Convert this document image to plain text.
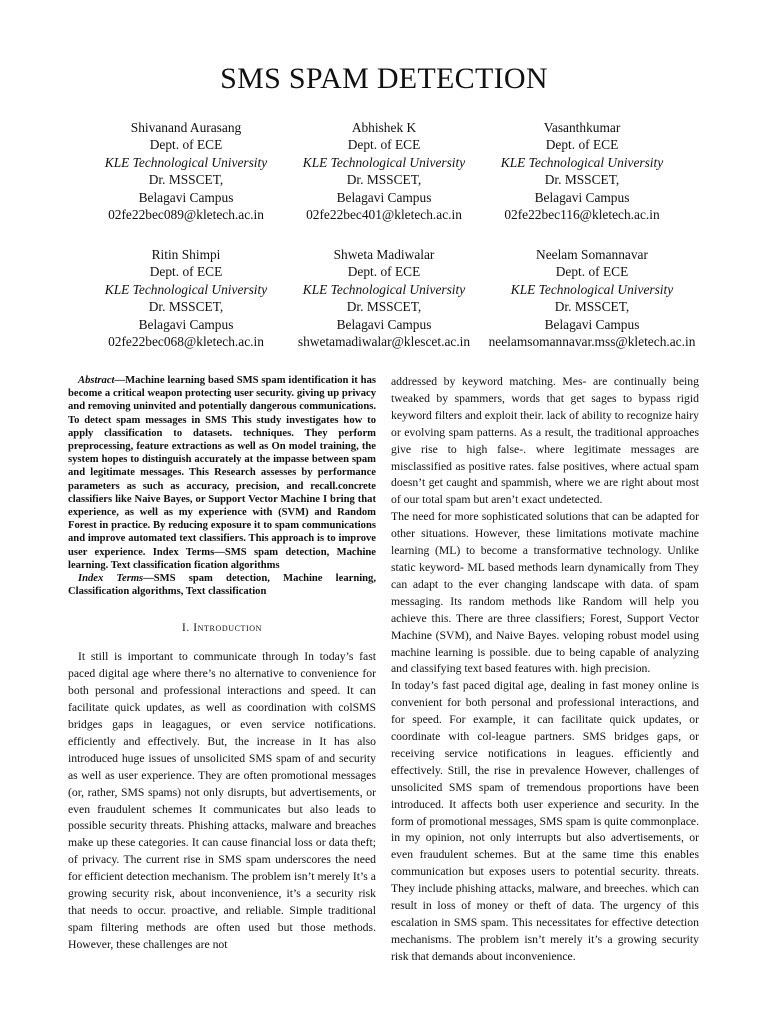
SMS SPAM DETECTION
Shivanand Aurasang
Dept. of ECE
KLE Technological University
Dr. MSSCET,
Belagavi Campus
02fe22bec089@kletech.ac.in
Abhishek K
Dept. of ECE
KLE Technological University
Dr. MSSCET,
Belagavi Campus
02fe22bec401@kletech.ac.in
Vasanthkumar
Dept. of ECE
KLE Technological University
Dr. MSSCET,
Belagavi Campus
02fe22bec116@kletech.ac.in
Ritin Shimpi
Dept. of ECE
KLE Technological University
Dr. MSSCET,
Belagavi Campus
02fe22bec068@kletech.ac.in
Shweta Madiwalar
Dept. of ECE
KLE Technological University
Dr. MSSCET,
Belagavi Campus
shwetamadiwalar@klescet.ac.in
Neelam Somannavar
Dept. of ECE
KLE Technological University
Dr. MSSCET,
Belagavi Campus
neelamsomannavar.mss@kletech.ac.in

Abstract—Machine learning based SMS spam identification it has become a critical weapon protecting user security. giving up privacy and removing uninvited and potentially dangerous communications. To detect spam messages in SMS This study investigates how to apply classification to datasets. techniques. They perform preprocessing, feature extractions as well as On model training, the system hopes to distinguish accurately at the impasse between spam and legitimate messages. This Research assesses by performance parameters as such as accuracy, precision, and recall.concrete classifiers like Naive Bayes, or Support Vector Machine I bring that experience, as well as my experience with (SVM) and Random Forest in practice. By reducing exposure it to spam communications and improve automated text classifiers. This approach is to improve user experience. Index Terms—SMS spam detection, Machine learning. Text classification fication algorithms

Index Terms—SMS spam detection, Machine learning, Classification algorithms, Text classification

I. Introduction

It still is important to communicate through In today’s fast paced digital age where there’s no alternative to convenience for both personal and professional interactions and speed. It can facilitate quick updates, as well as coordination with colSMS bridges gaps in leagagues, or even service notifications. efficiently and effectively. But, the increase in It has also introduced huge issues of unsolicited SMS spam of and security as well as user experience. They are often promotional messages (or, rather, SMS spams) not only disrupts, but advertisements, or even fraudulent schemes It communicates but also leads to possible security threats. Phishing attacks, malware and breaches make up these categories. It can cause financial loss or data theft; of privacy. The current rise in SMS spam underscores the need for efficient detection mechanism. The problem isn’t merely It’s a growing security risk, about inconvenience, it’s a security risk that needs to occur. proactive, and reliable. Simple traditional spam filtering methods are often used but those methods. However, these challenges are not

addressed by keyword matching. Mes- are continually being tweaked by spammers, words that get sages to bypass rigid keyword filters and exploit their. lack of ability to recognize hairy or evolving spam patterns. As a result, the traditional approaches give rise to high false-. where legitimate messages are misclassified as positive rates. false positives, where actual spam doesn’t get caught and spammish, where we are right about most of our total spam but aren’t exact undetected.

The need for more sophisticated solutions that can be adapted for other situations. However, these limitations motivate machine learning (ML) to become a transformative technology. Unlike static keyword- ML based methods learn dynamically from They can adapt to the ever changing landscape with data. of spam messaging. Its random methods like Random will help you achieve this. There are three classifiers; Forest, Support Vector Machine (SVM), and Naive Bayes. veloping robust model using machine learning is possible. due to being capable of analyzing and classifying text based features with. high precision.

In today’s fast paced digital age, dealing in fast money online is convenient for both personal and professional interactions, and for speed. For example, it can facilitate quick updates, or coordinate with col-league partners. SMS bridges gaps, or receiving service notifications in leagues. efficiently and effectively. Still, the rise in prevalence However, challenges of unsolicited SMS spam of tremendous proportions have been introduced. It affects both user experience and security. In the form of promotional messages, SMS spam is quite commonplace. in my opinion, not only interrupts but also advertisements, or even fraudulent schemes. But at the same time this enables communication but exposes users to potential security. threats. They include phishing attacks, malware, and breeches. which can result in loss of money or theft of data. The urgency of this escalation in SMS spam. This necessitates for effective detection mechanisms. The problem isn’t merely it’s a growing security risk that demands about inconvenience.
